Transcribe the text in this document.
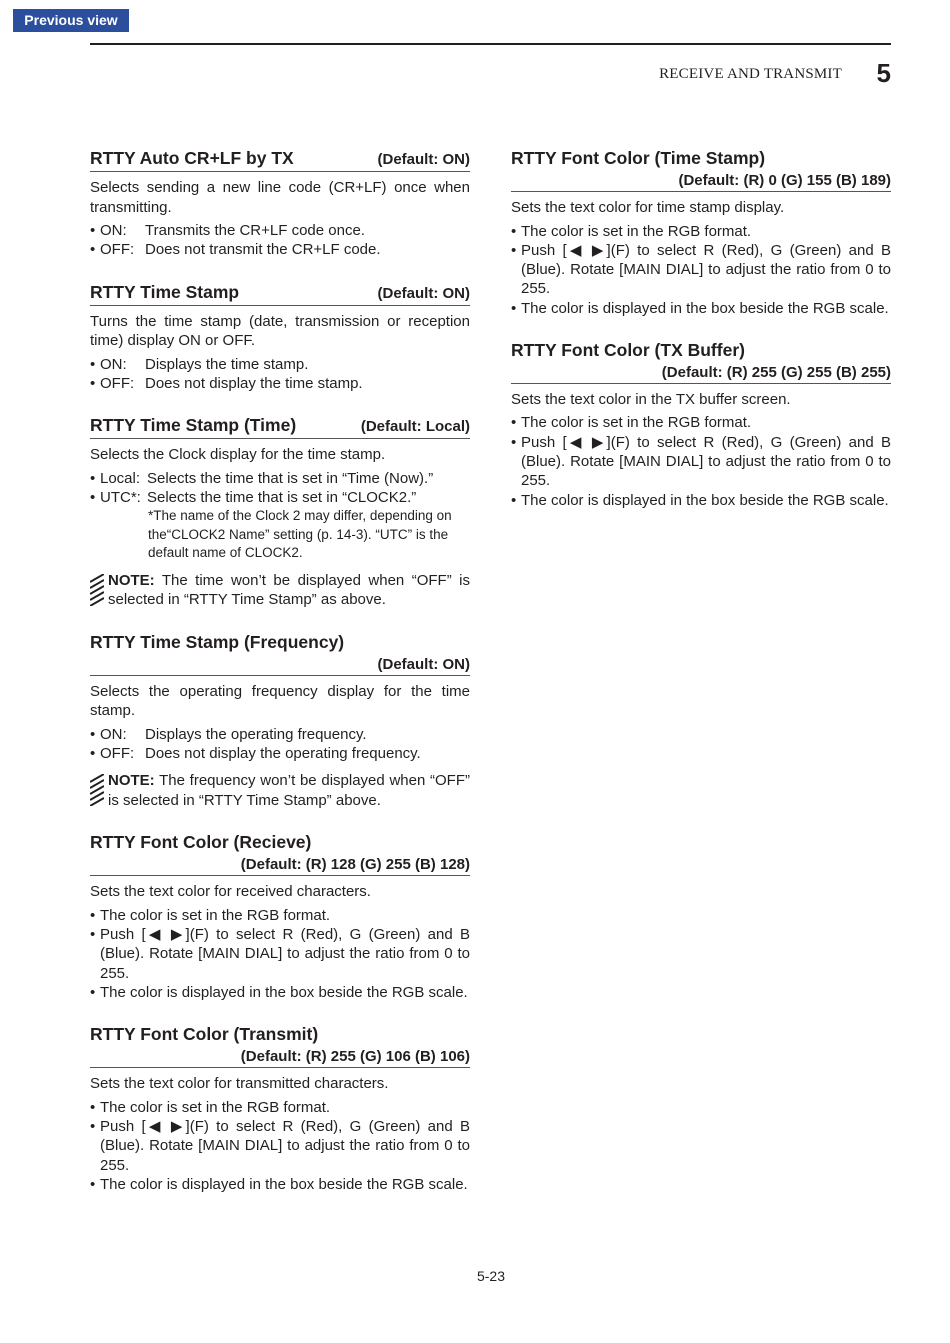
Previous view
RECEIVE AND TRANSMIT 5
RTTY Auto CR+LF by TX	(Default: ON)
Selects sending a new line code (CR+LF) once when transmitting.
• ON: Transmits the CR+LF code once.
• OFF: Does not transmit the CR+LF code.
RTTY Time Stamp	(Default: ON)
Turns the time stamp (date, transmission or reception time) display ON or OFF.
• ON: Displays the time stamp.
• OFF: Does not display the time stamp.
RTTY Time Stamp (Time)	(Default: Local)
Selects the Clock display for the time stamp.
• Local: Selects the time that is set in “Time (Now).”
• UTC*: Selects the time that is set in “CLOCK2.”
*The name of the Clock 2 may differ, depending on the“CLOCK2 Name” setting (p. 14-3). “UTC” is the default name of CLOCK2.
NOTE: The time won’t be displayed when “OFF” is selected in “RTTY Time Stamp” as above.
RTTY Time Stamp (Frequency)
(Default: ON)
Selects the operating frequency display for the time stamp.
• ON: Displays the operating frequency.
• OFF: Does not display the operating frequency.
NOTE: The frequency won’t be displayed when “OFF” is selected in “RTTY Time Stamp” above.
RTTY Font Color (Recieve)
(Default: (R) 128 (G) 255 (B) 128)
Sets the text color for received characters.
• The color is set in the RGB format.
• Push [◀ ▶](F) to select R (Red), G (Green) and B (Blue). Rotate [MAIN DIAL] to adjust the ratio from 0 to 255.
• The color is displayed in the box beside the RGB scale.
RTTY Font Color (Transmit)
(Default: (R) 255 (G) 106 (B) 106)
Sets the text color for transmitted characters.
• The color is set in the RGB format.
• Push [◀ ▶](F) to select R (Red), G (Green) and B (Blue). Rotate [MAIN DIAL] to adjust the ratio from 0 to 255.
• The color is displayed in the box beside the RGB scale.
RTTY Font Color (Time Stamp)
(Default: (R) 0 (G) 155 (B) 189)
Sets the text color for time stamp display.
• The color is set in the RGB format.
• Push [◀ ▶](F) to select R (Red), G (Green) and B (Blue). Rotate [MAIN DIAL] to adjust the ratio from 0 to 255.
• The color is displayed in the box beside the RGB scale.
RTTY Font Color (TX Buffer)
(Default: (R) 255 (G) 255 (B) 255)
Sets the text color in the TX buffer screen.
• The color is set in the RGB format.
• Push [◀ ▶](F) to select R (Red), G (Green) and B (Blue). Rotate [MAIN DIAL] to adjust the ratio from 0 to 255.
• The color is displayed in the box beside the RGB scale.
5-23
